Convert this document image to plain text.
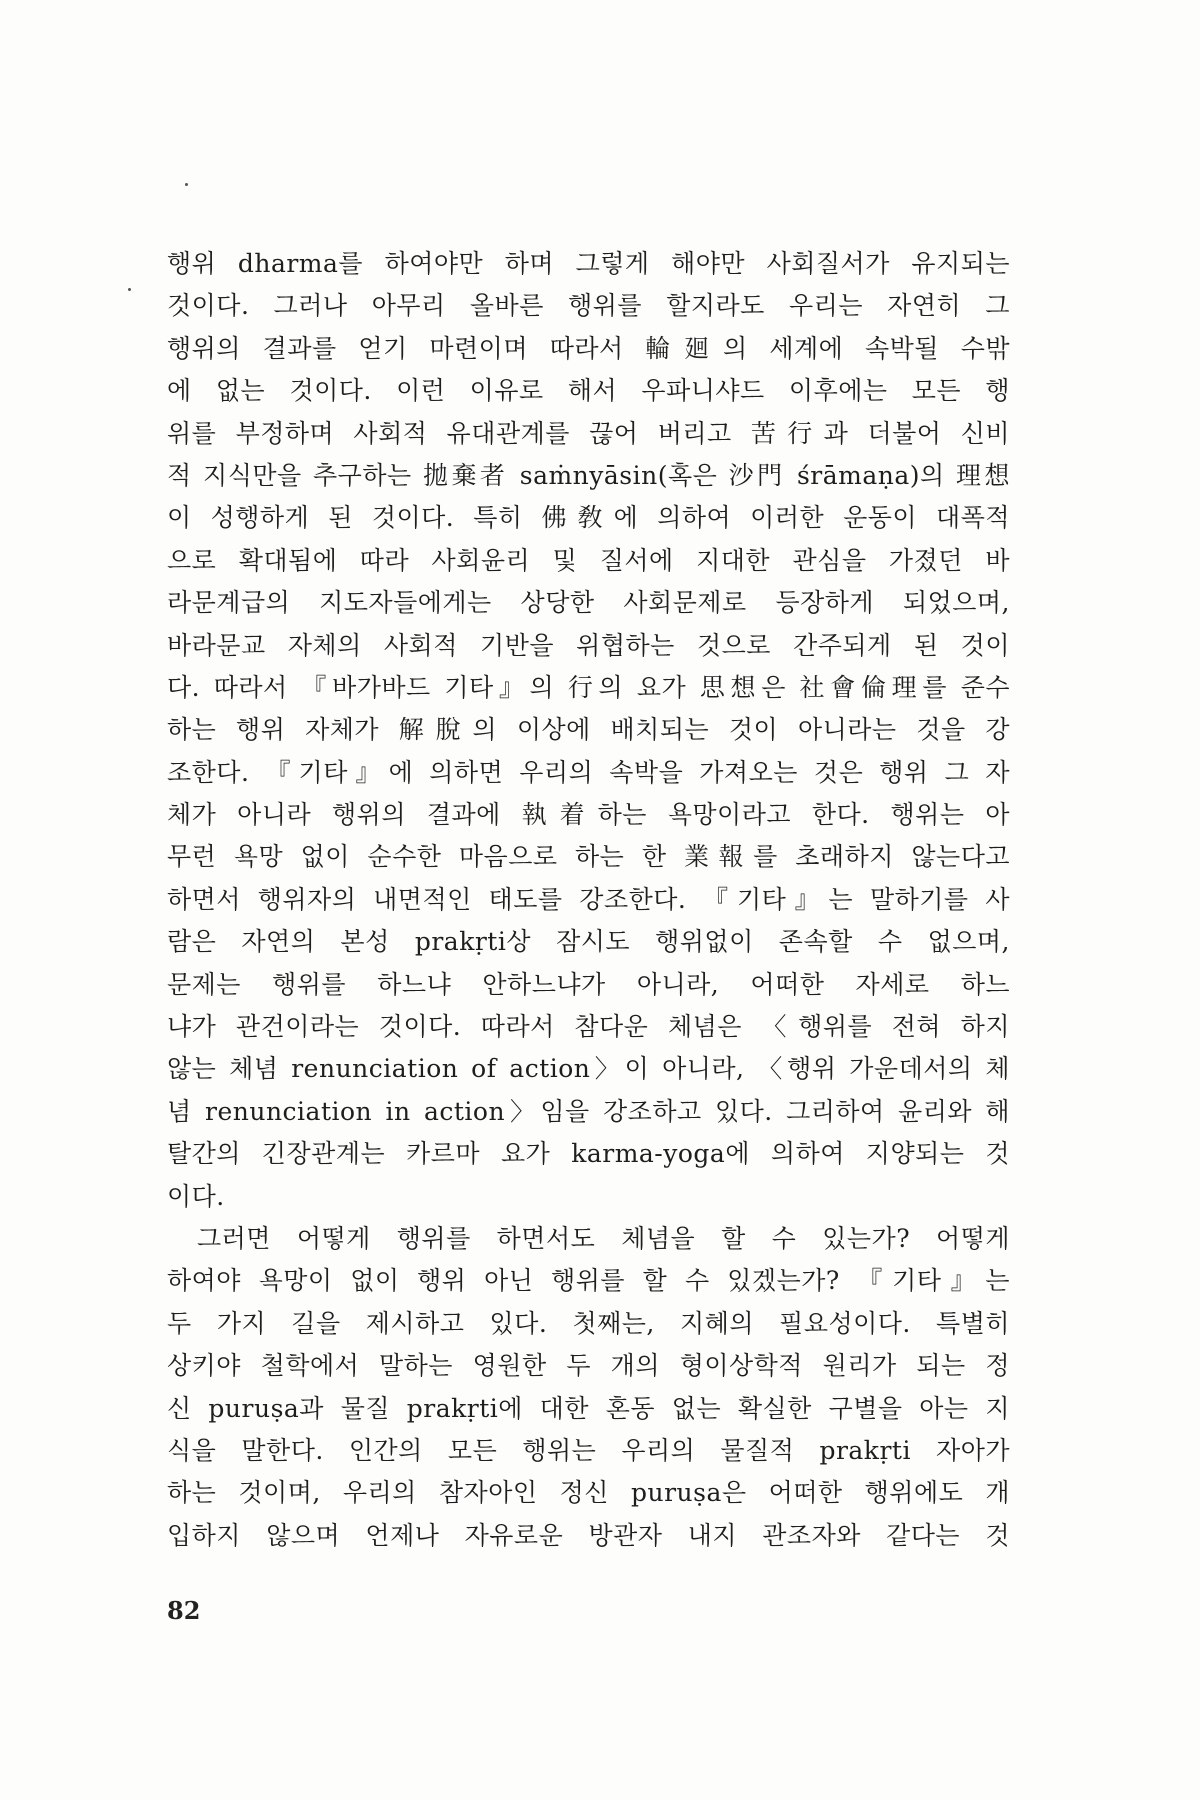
행위 dharma를 하여야만 하며 그렇게 해야만 사회질서가 유지되는
것이다. 그러나 아무리 올바른 행위를 할지라도 우리는 자연히 그
행위의 결과를 얻기 마련이며 따라서 輪廻의 세계에 속박될 수밖
에 없는 것이다. 이런 이유로 해서 우파니샤드 이후에는 모든 행
위를 부정하며 사회적 유대관계를 끊어 버리고 苦行과 더불어 신비
적 지식만을 추구하는 拋棄者 saṁnyāsin(혹은 沙門 śrāmaṇa)의 理想
이 성행하게 된 것이다. 특히 佛敎에 의하여 이러한 운동이 대폭적
으로 확대됨에 따라 사회윤리 및 질서에 지대한 관심을 가졌던 바
라문계급의 지도자들에게는 상당한 사회문제로 등장하게 되었으며,
바라문교 자체의 사회적 기반을 위협하는 것으로 간주되게 된 것이
다. 따라서 『바가바드 기타』의 行의 요가 思想은 社會倫理를 준수
하는 행위 자체가 解脫의 이상에 배치되는 것이 아니라는 것을 강
조한다. 『기타』에 의하면 우리의 속박을 가져오는 것은 행위 그 자
체가 아니라 행위의 결과에 執着하는 욕망이라고 한다. 행위는 아
무런 욕망 없이 순수한 마음으로 하는 한 業報를 초래하지 않는다고
하면서 행위자의 내면적인 태도를 강조한다. 『기타』는 말하기를 사
람은 자연의 본성 prakṛti상 잠시도 행위없이 존속할 수 없으며,
문제는 행위를 하느냐 안하느냐가 아니라, 어떠한 자세로 하느
냐가 관건이라는 것이다. 따라서 참다운 체념은 〈행위를 전혀 하지
않는 체념 renunciation of action〉이 아니라, 〈행위 가운데서의 체
념 renunciation in action〉임을 강조하고 있다. 그리하여 윤리와 해
탈간의 긴장관계는 카르마 요가 karma-yoga에 의하여 지양되는 것
이다.
그러면 어떻게 행위를 하면서도 체념을 할 수 있는가? 어떻게
하여야 욕망이 없이 행위 아닌 행위를 할 수 있겠는가? 『기타』는
두 가지 길을 제시하고 있다. 첫째는, 지혜의 필요성이다. 특별히
상키야 철학에서 말하는 영원한 두 개의 형이상학적 원리가 되는 정
신 puruṣa과 물질 prakṛti에 대한 혼동 없는 확실한 구별을 아는 지
식을 말한다. 인간의 모든 행위는 우리의 물질적 prakṛti 자아가
하는 것이며, 우리의 참자아인 정신 puruṣa은 어떠한 행위에도 개
입하지 않으며 언제나 자유로운 방관자 내지 관조자와 같다는 것
82
